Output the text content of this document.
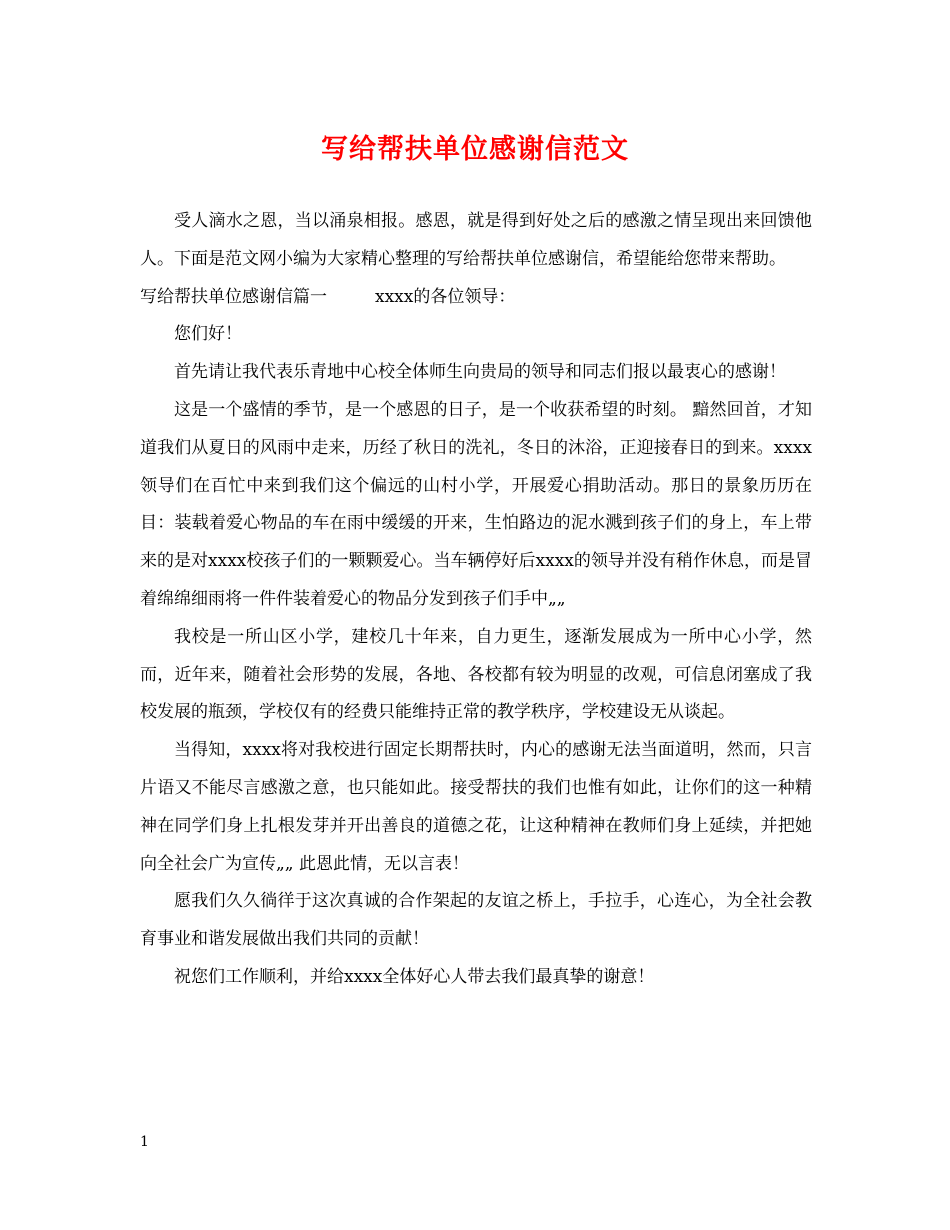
写给帮扶单位感谢信范文

受人滴水之恩，当以涌泉相报。感恩，就是得到好处之后的感激之情呈现出来回馈他人。下面是范文网小编为大家精心整理的写给帮扶单位感谢信，希望能给您带来帮助。

写给帮扶单位感谢信篇一	xxxx的各位领导：

您们好！

首先请让我代表乐青地中心校全体师生向贵局的领导和同志们报以最衷心的感谢！

这是一个盛情的季节，是一个感恩的日子，是一个收获希望的时刻。 黯然回首，才知道我们从夏日的风雨中走来，历经了秋日的洗礼，冬日的沐浴，正迎接春日的到来。xxxx领导们在百忙中来到我们这个偏远的山村小学，开展爱心捐助活动。那日的景象历历在目：装载着爱心物品的车在雨中缓缓的开来，生怕路边的泥水溅到孩子们的身上，车上带来的是对xxxx校孩子们的一颗颗爱心。当车辆停好后xxxx的领导并没有稍作休息，而是冒着绵绵细雨将一件件装着爱心的物品分发到孩子们手中„„

我校是一所山区小学，建校几十年来，自力更生，逐渐发展成为一所中心小学，然而，近年来，随着社会形势的发展，各地、各校都有较为明显的改观，可信息闭塞成了我校发展的瓶颈，学校仅有的经费只能维持正常的教学秩序，学校建设无从谈起。

当得知，xxxx将对我校进行固定长期帮扶时，内心的感谢无法当面道明，然而，只言片语又不能尽言感激之意，也只能如此。接受帮扶的我们也惟有如此，让你们的这一种精神在同学们身上扎根发芽并开出善良的道德之花，让这种精神在教师们身上延续，并把她向全社会广为宣传„„ 此恩此情，无以言表！

愿我们久久徜徉于这次真诚的合作架起的友谊之桥上，手拉手，心连心，为全社会教育事业和谐发展做出我们共同的贡献！

祝您们工作顺利，并给xxxx全体好心人带去我们最真挚的谢意！

1
